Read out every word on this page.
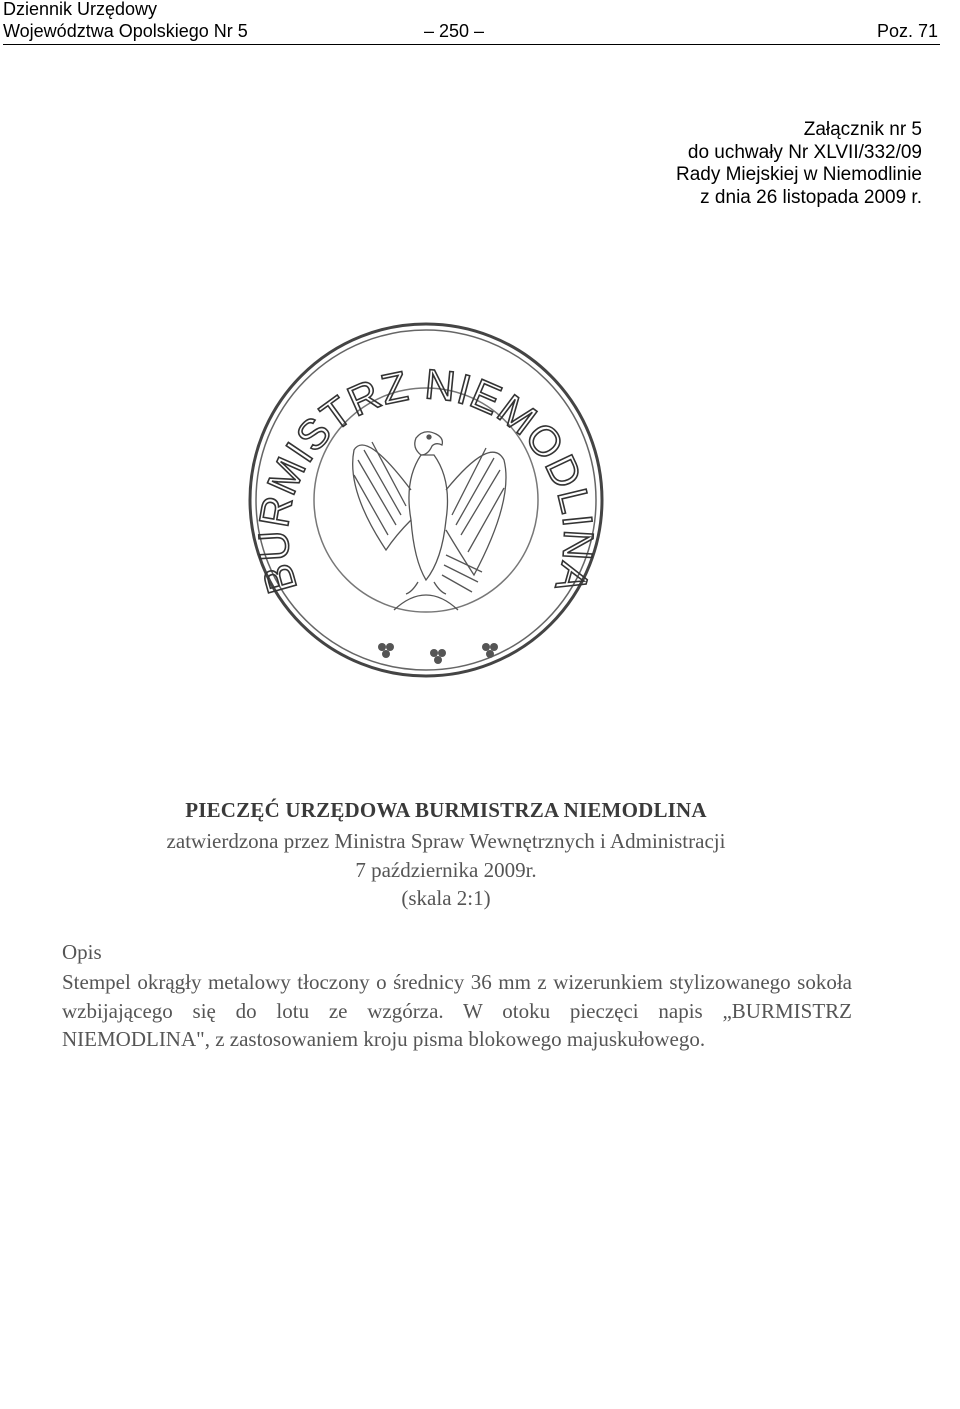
Dziennik Urzędowy
Województwa Opolskiego Nr 5	– 250 –	Poz. 71
Załącznik nr 5
do uchwały Nr XLVII/332/09
Rady Miejskiej w Niemodlinie
z dnia 26 listopada 2009 r.
BURMISTRZ NIEMODLINA
PIECZĘĆ URZĘDOWA BURMISTRZA NIEMODLINA
zatwierdzona przez Ministra Spraw Wewnętrznych i Administracji
7 października 2009r.
(skala 2:1)
Opis
Stempel okrągły metalowy tłoczony o średnicy 36 mm z wizerunkiem stylizowanego sokoła wzbijającego się do lotu ze wzgórza. W otoku pieczęci napis „BURMISTRZ NIEMODLINA", z zastosowaniem kroju pisma blokowego majuskułowego.
